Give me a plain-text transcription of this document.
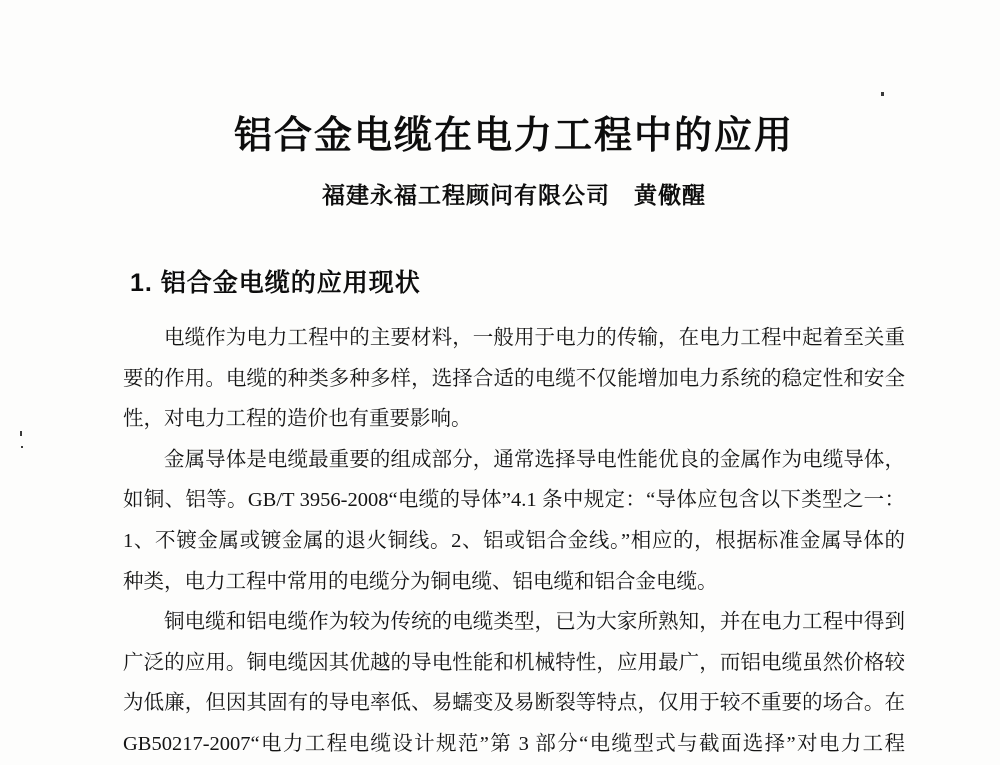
铝合金电缆在电力工程中的应用
福建永福工程顾问有限公司　黄儆醒
1. 铝合金电缆的应用现状
电缆作为电力工程中的主要材料，一般用于电力的传输，在电力工程中起着至关重
要的作用。电缆的种类多种多样，选择合适的电缆不仅能增加电力系统的稳定性和安全
性，对电力工程的造价也有重要影响。
金属导体是电缆最重要的组成部分，通常选择导电性能优良的金属作为电缆导体，
如铜、铝等。GB/T 3956-2008“电缆的导体”4.1 条中规定：“导体应包含以下类型之一：
1、不镀金属或镀金属的退火铜线。2、铝或铝合金线。”相应的，根据标准金属导体的
种类，电力工程中常用的电缆分为铜电缆、铝电缆和铝合金电缆。
铜电缆和铝电缆作为较为传统的电缆类型，已为大家所熟知，并在电力工程中得到
广泛的应用。铜电缆因其优越的导电性能和机械特性，应用最广，而铝电缆虽然价格较
为低廉，但因其固有的导电率低、易蠕变及易断裂等特点，仅用于较不重要的场合。在
GB50217-2007“电力工程电缆设计规范”第 3 部分“电缆型式与截面选择”对电力工程
